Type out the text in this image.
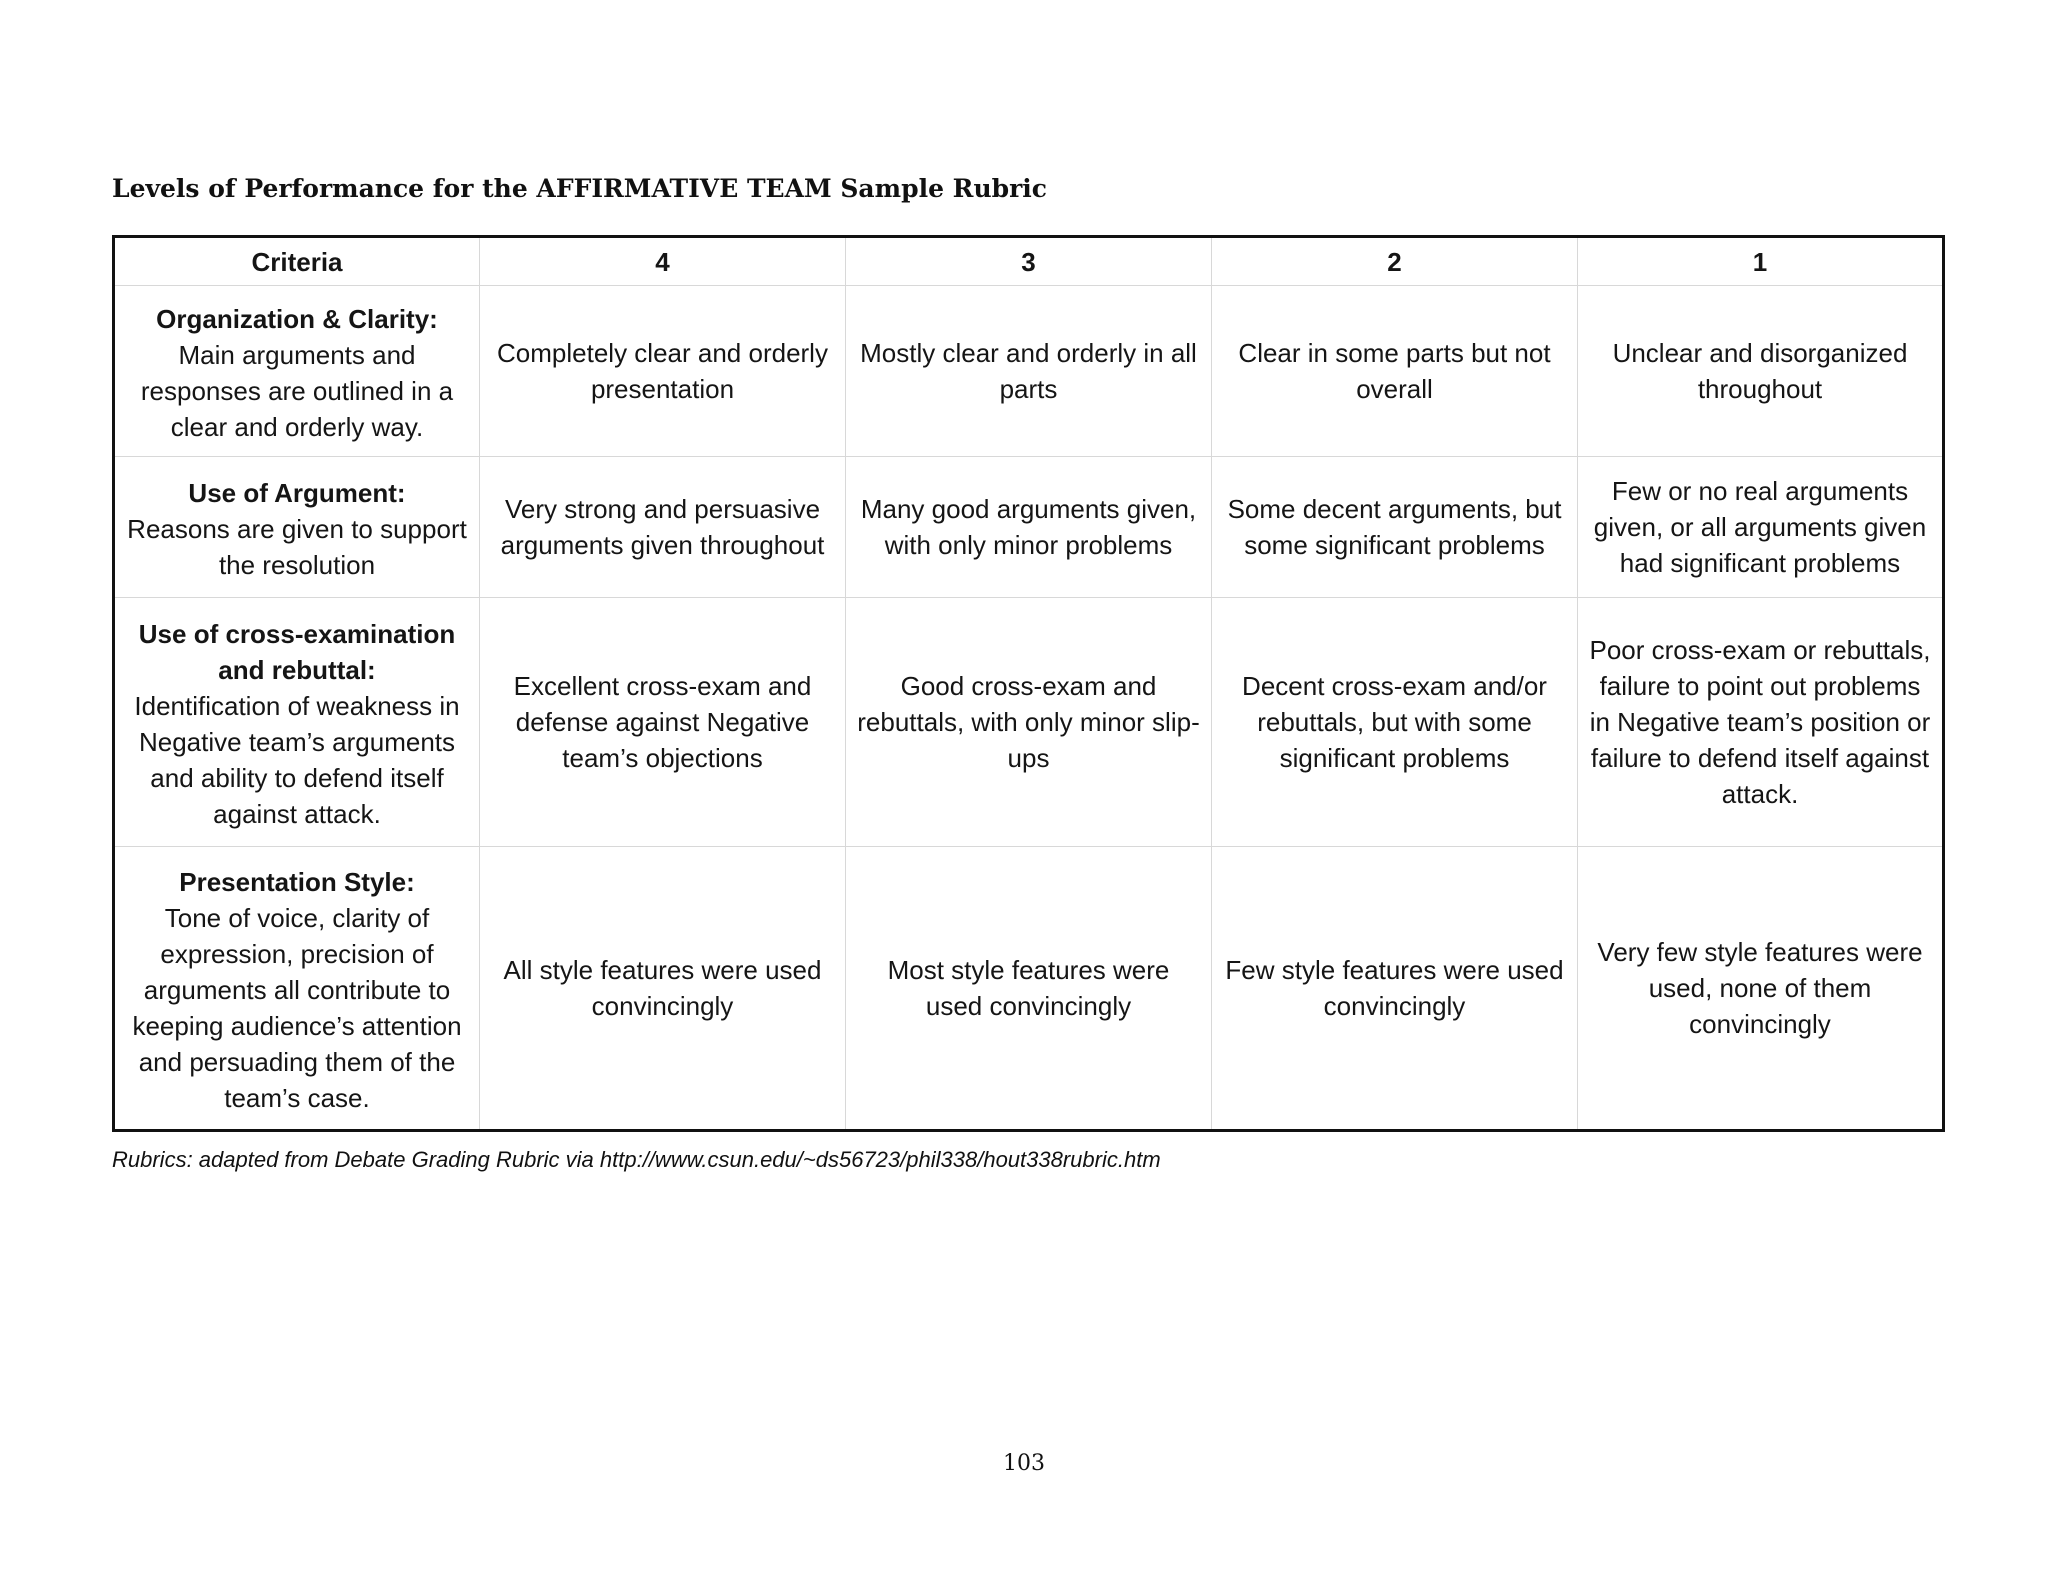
Levels of Performance for the AFFIRMATIVE TEAM Sample Rubric
Criteria	4	3	2	1

Organization & Clarity:
Main arguments and responses are outlined in a clear and orderly way.	Completely clear and orderly presentation	Mostly clear and orderly in all parts	Clear in some parts but not overall	Unclear and disorganized throughout

Use of Argument:
Reasons are given to support the resolution	Very strong and persuasive arguments given throughout	Many good arguments given, with only minor problems	Some decent arguments, but some significant problems	Few or no real arguments given, or all arguments given had significant problems

Use of cross-examination and rebuttal:
Identification of weakness in Negative team’s arguments and ability to defend itself against attack.	Excellent cross-exam and defense against Negative team’s objections	Good cross-exam and rebuttals, with only minor slip-ups	Decent cross-exam and/or rebuttals, but with some significant problems	Poor cross-exam or rebuttals, failure to point out problems in Negative team’s position or failure to defend itself against attack.

Presentation Style:
Tone of voice, clarity of expression, precision of arguments all contribute to keeping audience’s attention and persuading them of the team’s case.	All style features were used convincingly	Most style features were used convincingly	Few style features were used convincingly	Very few style features were used, none of them convincingly

Rubrics: adapted from Debate Grading Rubric via http://www.csun.edu/~ds56723/phil338/hout338rubric.htm

103
